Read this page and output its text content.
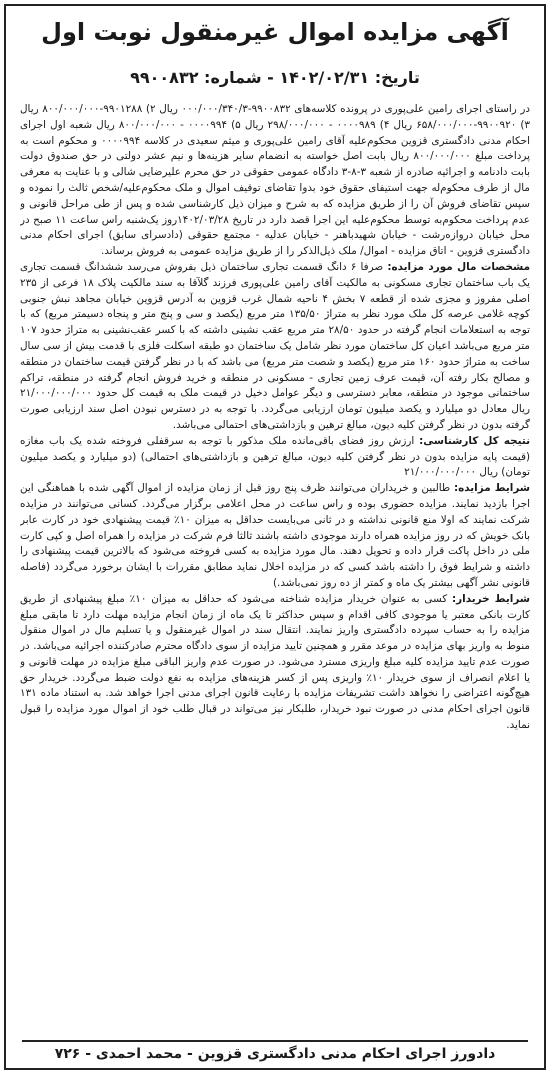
آگهی مزایده اموال غیرمنقول نوبت اول
تاریخ: ۱۴۰۲/۰۲/۳۱ - شماره: ۹۹۰۰۸۳۲

در راستای اجرای رامین علی‌پوری در پرونده کلاسه‌های ۹۹۰۰۸۳۲-۰۰۰/۰۰۰/۳۴۰/۳ ریال ۲) ۹۹۰۱۲۸۸-۸۰۰/۰۰۰/۰۰۰ ریال ۳) ۹۹۰۰۹۲۰-۶۵۸/۰۰۰/۰۰۰ ریال ۴) ۰۰۰۰۹۸۹ - ۲۹۸/۰۰۰/۰۰۰ ریال ۵) ۰۰۰۰۹۹۴ - ۸۰۰/۰۰۰/۰۰۰ ریال شعبه اول اجرای احکام مدنی دادگستری قزوین محکوم‌علیه آقای رامین علی‌پوری و میثم سعیدی در کلاسه ۰۰۰۰۹۹۴ و محکوم است به پرداخت مبلغ ۸۰۰/۰۰۰/۰۰۰ ریال بابت اصل خواسته به انضمام سایر هزینه‌ها و نیم عشر دولتی در حق صندوق دولت بابت دادنامه و اجرائیه صادره از شعبه ۳-۸-۳ دادگاه عمومی حقوقی در حق محرم علیرضایی شالی و با عنایت به معرفی مال از طرف محکوم‌له جهت استیفای حقوق خود بدوا تقاضای توقیف اموال و ملک محکوم‌علیه/شخص ثالث را نموده و سپس تقاضای فروش آن را از طریق مزایده که به شرح و میزان ذیل کارشناسی شده و پس از طی مراحل قانونی و عدم پرداخت محکوم‌به توسط محکوم‌علیه این اجرا قصد دارد در تاریخ ۱۴۰۲/۰۳/۲۸روز یک‌شنبه راس ساعت ۱۱ صبح در محل خیابان دروازه‌رشت - خیابان شهیدباهنر - خیابان عدلیه - مجتمع حقوقی (دادسرای سابق) اجرای احکام مدنی دادگستری قزوین - اتاق مزایده - اموال/ ملک ذیل‌الذکر را از طریق مزایده عمومی به فروش برساند.

مشخصات مال مورد مزایده: صرفا ۶ دانگ قسمت تجاری ساختمان ذیل بفروش می‌رسد ششدانگ قسمت تجاری یک باب ساختمان تجاری مسکونی به مالکیت آقای رامین علی‌پوری فرزند گلآقا به سند مالکیت پلاک ۱۸ فرعی از ۲۳۵ اصلی مفروز و مجزی شده از قطعه ۷ بخش ۴ ناحیه شمال غرب قزوین به آدرس قزوین خیابان مجاهد نبش جنوبی کوچه غلامی عرصه کل ملک مورد نظر به متراژ ۱۳۵/۵۰ متر مربع (یکصد و سی و پنج متر و پنجاه دسیمتر مربع) که با توجه به استعلامات انجام گرفته در حدود ۲۸/۵۰ متر مربع عقب نشینی داشته که با کسر عقب‌نشینی به متراژ حدود ۱۰۷ متر مربع می‌باشد اعیان کل ساختمان مورد نظر شامل یک ساختمان دو طبقه اسکلت فلزی با قدمت بیش از سی سال ساخت به متراژ حدود ۱۶۰ متر مربع (یکصد و شصت متر مربع) می باشد که با در نظر گرفتن قیمت ساختمان در منطقه و مصالح بکار رفته آن، قیمت عرف زمین تجاری - مسکونی در منطقه و خرید فروش انجام گرفته در منطقه، تراکم ساختمانی موجود در منطقه، معابر دسترسی و دیگر عوامل دخیل در قیمت ملک به قیمت کل حدود ۲۱/۰۰۰/۰۰۰/۰۰۰ ریال معادل دو میلیارد و یکصد میلیون تومان ارزیابی می‌گردد. با توجه به در دسترس نبودن اصل سند ارزیابی صورت گرفته بدون در نظر گرفتن کلیه دیون، مبالغ ترهین و بازداشتی‌های احتمالی می‌باشد.

نتیجه کل کارشناسی: ارزش روز فضای باقی‌مانده ملک مذکور با توجه به سرقفلی فروخته شده یک باب مغازه (قیمت پایه مزایده بدون در نظر گرفتن کلیه دیون، مبالغ ترهین و بازداشتی‌های احتمالی) (دو میلیارد و یکصد میلیون تومان) ریال ۲۱/۰۰۰/۰۰۰/۰۰۰

شرایط مزایده: طالبین و خریداران می‌توانند ظرف پنج روز قبل از زمان مزایده از اموال آگهی شده با هماهنگی این اجرا بازدید نمایند. مزایده حضوری بوده و راس ساعت در محل اعلامی برگزار می‌گردد. کسانی می‌توانند در مزایده شرکت نمایند که اولا منع قانونی نداشته و در ثانی می‌بایست حداقل به میزان ۱۰٪ قیمت پیشنهادی خود در کارت عابر بانک خویش که در روز مزایده همراه دارند موجودی داشته باشند ثالثا فرم شرکت در مزایده را همراه اصل و کپی کارت ملی در داخل پاکت قرار داده و تحویل دهند. مال مورد مزایده به کسی فروخته می‌شود که بالاترین قیمت پیشنهادی را داشته و شرایط فوق را داشته باشد کسی که در مزایده اخلال نماید مطابق مقررات با ایشان برخورد می‌گردد (فاصله قانونی نشر آگهی بیشتر یک ماه و کمتر از ده روز نمی‌باشد.)

شرایط خریدار: کسی به عنوان خریدار مزایده شناخته می‌شود که حداقل به میزان ۱۰٪ مبلغ پیشنهادی از طریق کارت بانکی معتبر یا موجودی کافی اقدام و سپس حداکثر تا یک ماه از زمان انجام مزایده مهلت دارد تا مابقی مبلغ مزایده را به حساب سپرده دادگستری واریز نمایند. انتقال سند در اموال غیرمنقول و یا تسلیم مال در اموال منقول منوط به واریز بهای مزایده در موعد مقرر و همچنین تایید مزایده از سوی دادگاه محترم صادرکننده اجرائیه می‌باشد. در صورت عدم تایید مزایده کلیه مبلغ واریزی مسترد می‌شود. در صورت عدم واریز الباقی مبلغ مزایده در مهلت قانونی و یا اعلام انصراف از سوی خریدار ۱۰٪ واریزی پس از کسر هزینه‌های مزایده به نفع دولت ضبط می‌گردد. خریدار حق هیچ‌گونه اعتراضی را نخواهد داشت تشریفات مزایده با رعایت قانون اجرای مدنی اجرا خواهد شد. به استناد ماده ۱۳۱ قانون اجرای احکام مدنی در صورت نبود خریدار، طلبکار نیز می‌تواند در قبال طلب خود از اموال مورد مزایده را قبول نماید.

دادورز اجرای احکام مدنی دادگستری قزوین - محمد احمدی - ۷۲۶
